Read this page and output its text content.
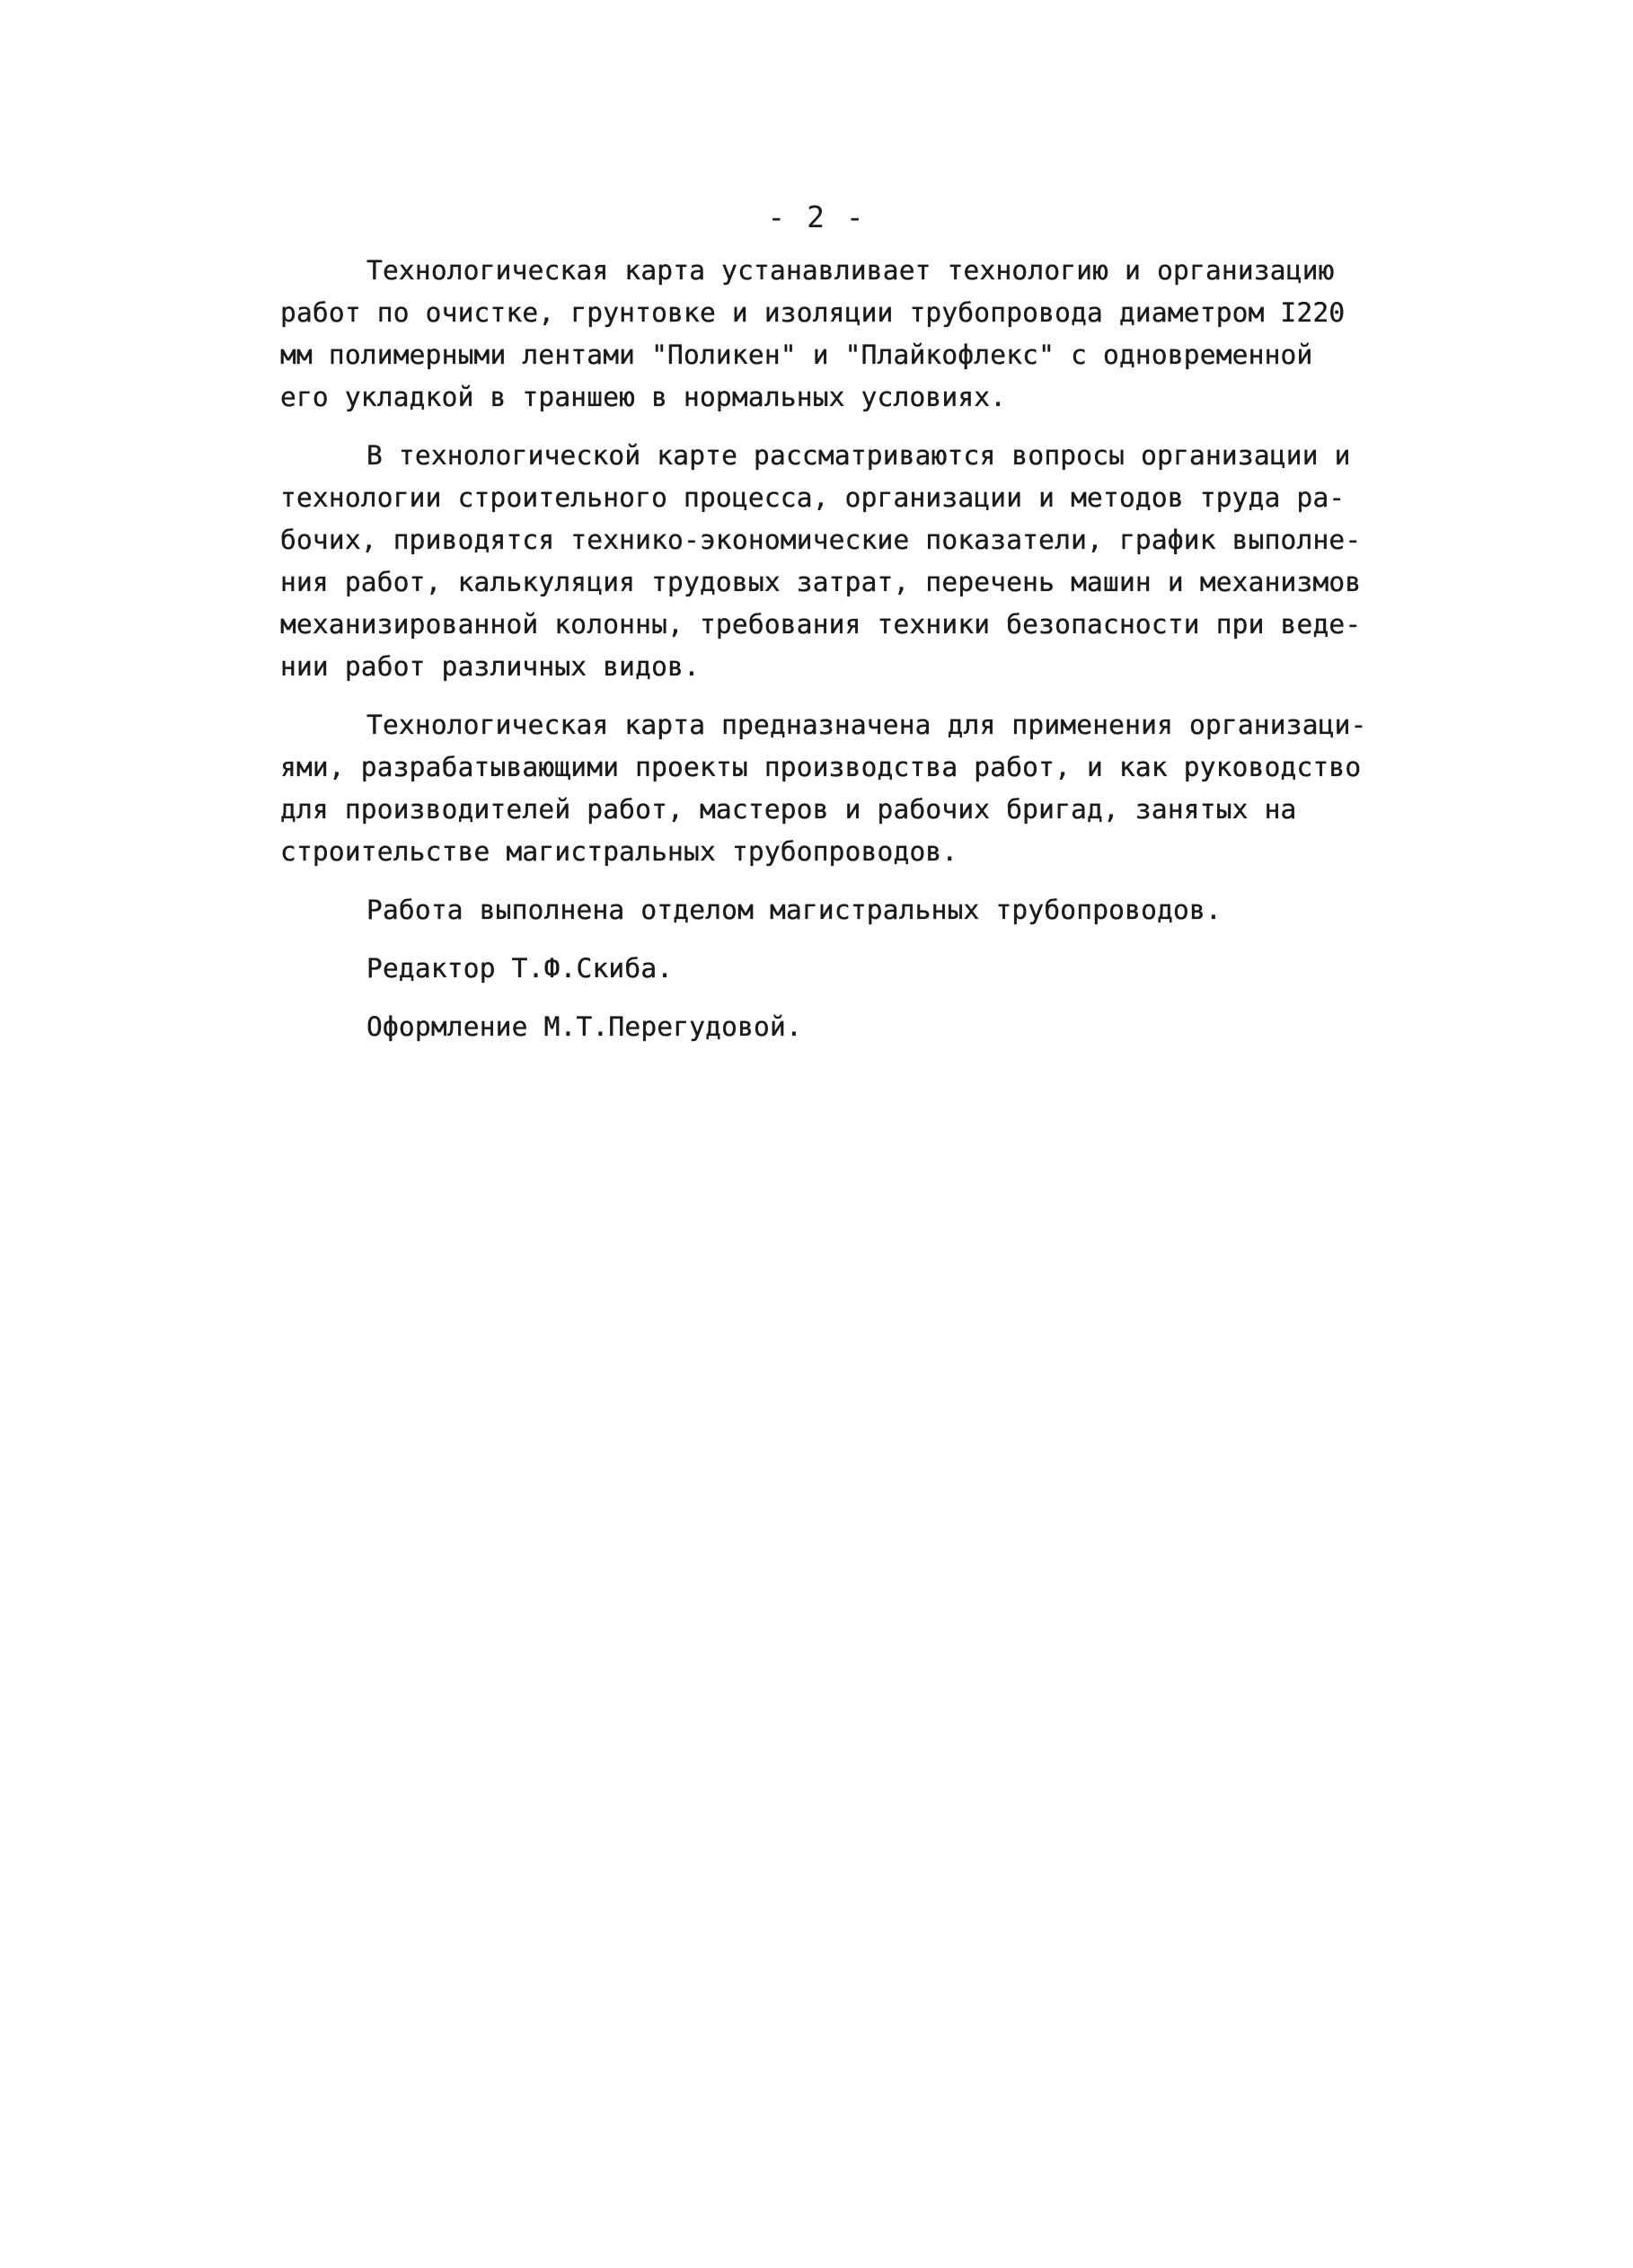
- 2 -
Технологическая карта устанавливает технологию и организацию
работ по очистке, грунтовке и изоляции трубопровода диаметром I220
мм полимерными лентами "Поликен" и "Плайкофлекс" с одновременной
его укладкой в траншею в нормальных условиях.
В технологической карте рассматриваются вопросы организации и
технологии строительного процесса, организации и методов труда ра-
бочих, приводятся технико-экономические показатели, график выполне-
ния работ, калькуляция трудовых затрат, перечень машин и механизмов
механизированной колонны, требования техники безопасности при веде-
нии работ различных видов.
Технологическая карта предназначена для применения организаци-
ями, разрабатывающими проекты производства работ, и как руководство
для производителей работ, мастеров и рабочих бригад, занятых на
строительстве магистральных трубопроводов.
Работа выполнена отделом магистральных трубопроводов.
Редактор Т.Ф.Скиба.
Оформление М.Т.Перегудовой.
